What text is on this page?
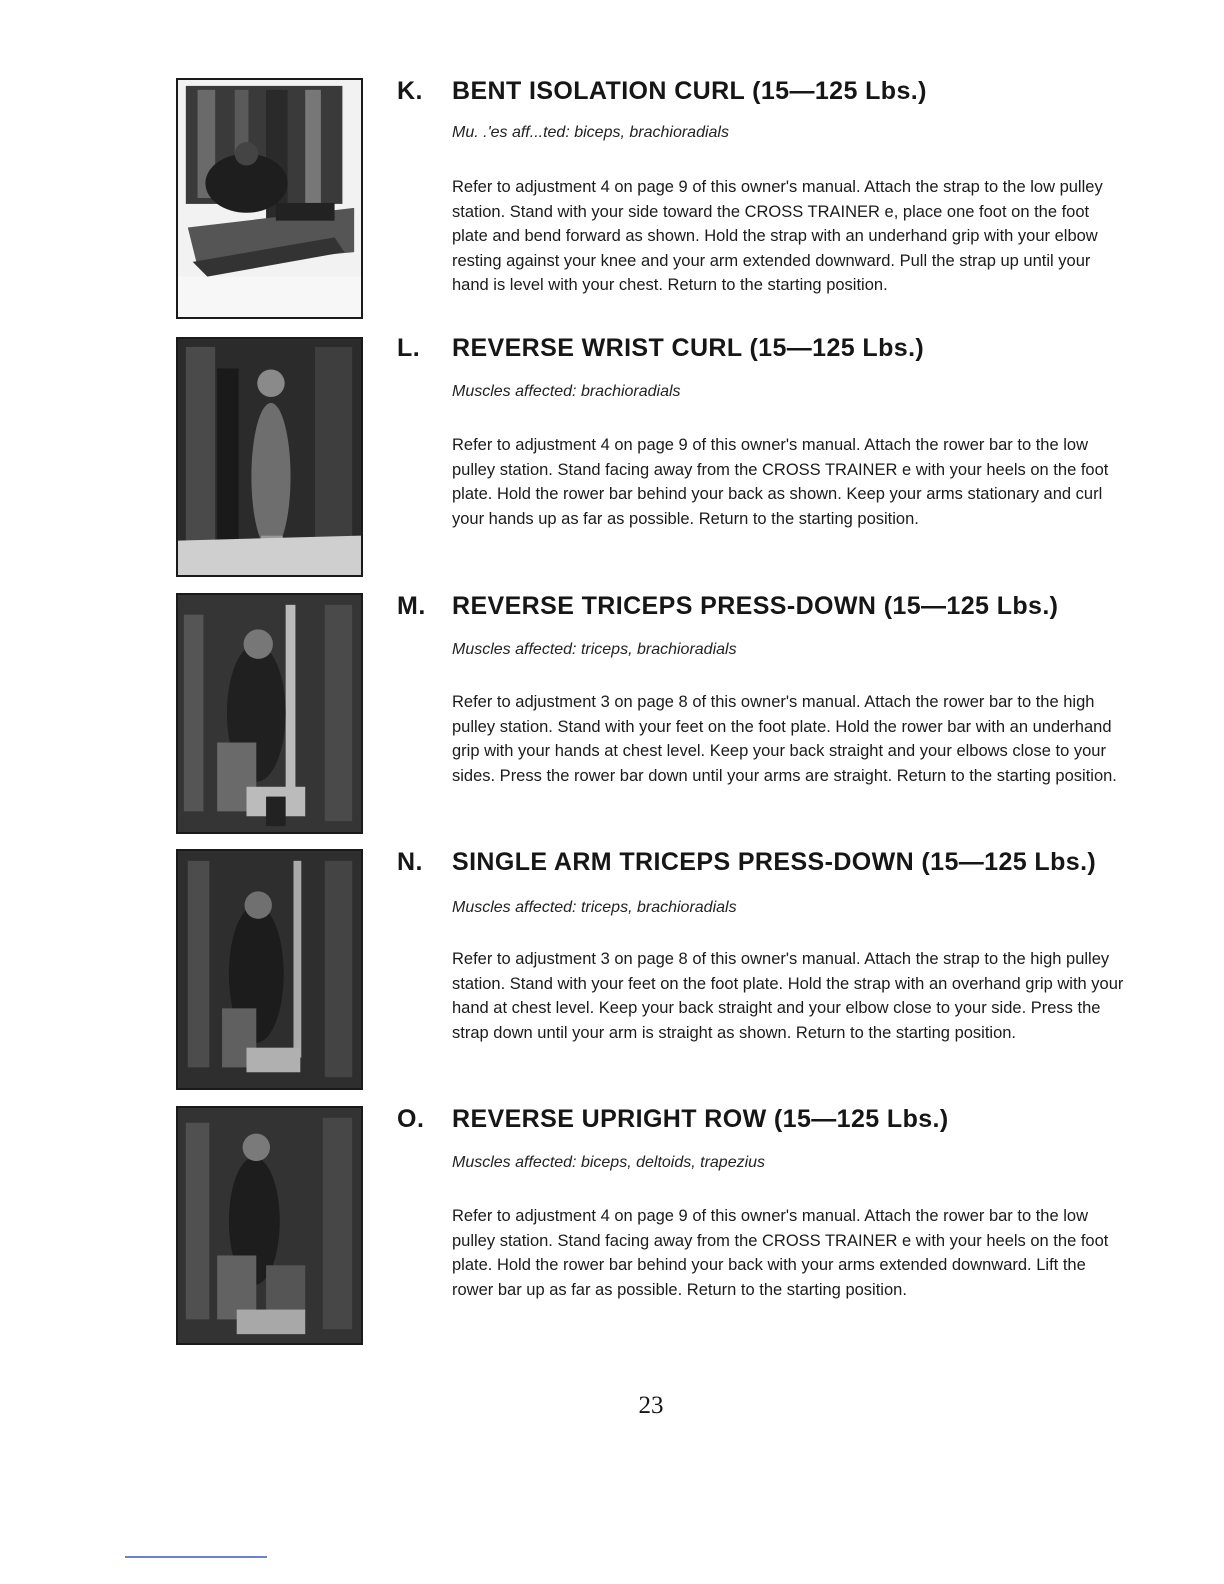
K. BENT ISOLATION CURL (15—125 Lbs.)
Mu. .'es aff...ted: biceps, brachioradials
Refer to adjustment 4 on page 9 of this owner's manual. Attach the strap to the low pulley station. Stand with your side toward the CROSS TRAINER e, place one foot on the foot plate and bend forward as shown. Hold the strap with an underhand grip with your elbow resting against your knee and your arm extended downward. Pull the strap up until your hand is level with your chest. Return to the starting position.
L. REVERSE WRIST CURL (15—125 Lbs.)
Muscles affected: brachioradials
Refer to adjustment 4 on page 9 of this owner's manual. Attach the rower bar to the low pulley station. Stand facing away from the CROSS TRAINER e with your heels on the foot plate. Hold the rower bar behind your back as shown. Keep your arms stationary and curl your hands up as far as possible. Return to the starting position.
M. REVERSE TRICEPS PRESS-DOWN (15—125 Lbs.)
Muscles affected: triceps, brachioradials
Refer to adjustment 3 on page 8 of this owner's manual. Attach the rower bar to the high pulley station. Stand with your feet on the foot plate. Hold the rower bar with an underhand grip with your hands at chest level. Keep your back straight and your elbows close to your sides. Press the rower bar down until your arms are straight. Return to the starting position.
N. SINGLE ARM TRICEPS PRESS-DOWN (15—125 Lbs.)
Muscles affected: triceps, brachioradials
Refer to adjustment 3 on page 8 of this owner's manual. Attach the strap to the high pulley station. Stand with your feet on the foot plate. Hold the strap with an overhand grip with your hand at chest level. Keep your back straight and your elbow close to your side. Press the strap down until your arm is straight as shown. Return to the starting position.
O. REVERSE UPRIGHT ROW (15—125 Lbs.)
Muscles affected: biceps, deltoids, trapezius
Refer to adjustment 4 on page 9 of this owner's manual. Attach the rower bar to the low pulley station. Stand facing away from the CROSS TRAINER e with your heels on the foot plate. Hold the rower bar behind your back with your arms extended downward. Lift the rower bar up as far as possible. Return to the starting position.
23
